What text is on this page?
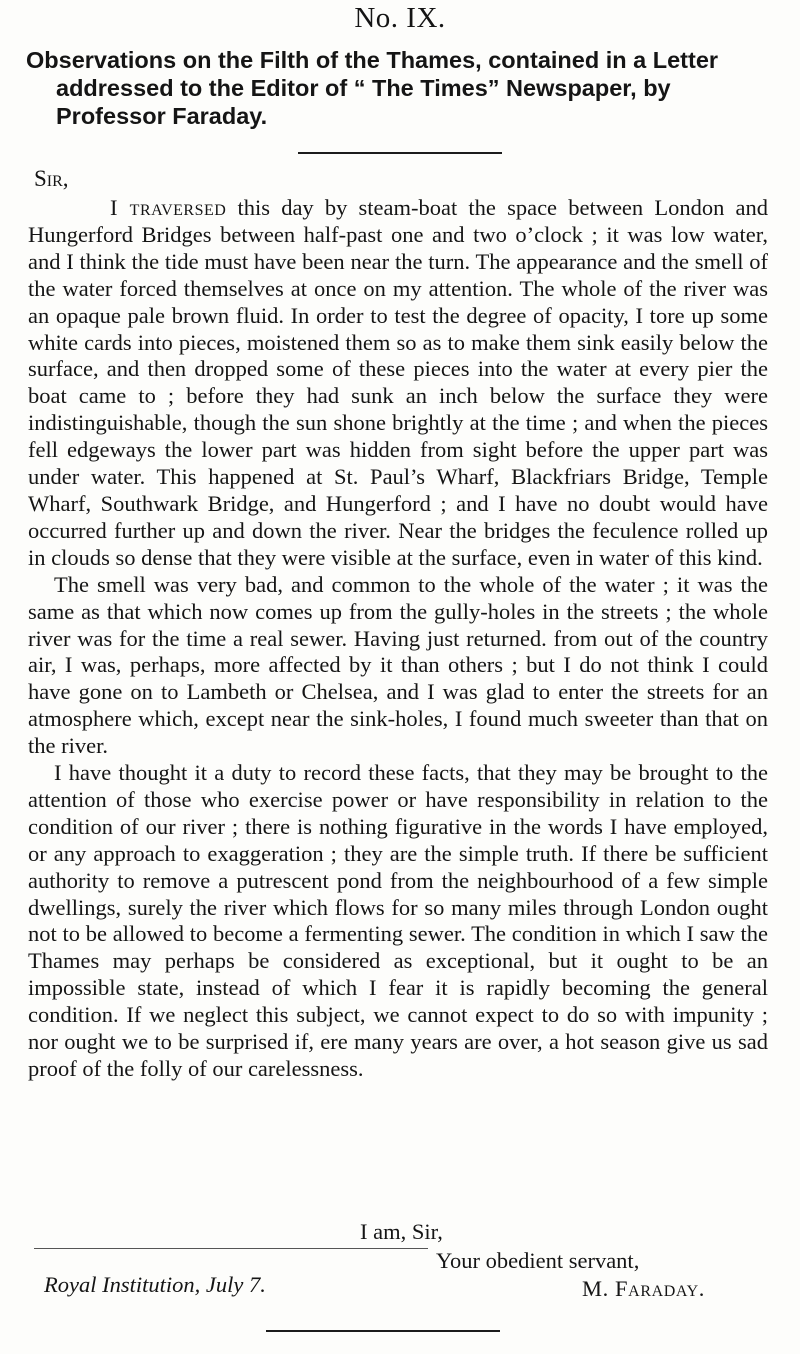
No. IX.
Observations on the Filth of the Thames, contained in a Letter
addressed to the Editor of “ The Times” Newspaper, by
Professor Faraday.
Sir,

I traversed this day by steam-boat the space between London and Hungerford Bridges between half-past one and two o’clock ; it was low water, and I think the tide must have been near the turn. The appearance and the smell of the water forced themselves at once on my attention. The whole of the river was an opaque pale brown fluid. In order to test the degree of opacity, I tore up some white cards into pieces, moistened them so as to make them sink easily below the surface, and then dropped some of these pieces into the water at every pier the boat came to ; before they had sunk an inch below the surface they were indistinguishable, though the sun shone brightly at the time ; and when the pieces fell edgeways the lower part was hidden from sight before the upper part was under water. This happened at St. Paul’s Wharf, Blackfriars Bridge, Temple Wharf, Southwark Bridge, and Hungerford ; and I have no doubt would have occurred further up and down the river. Near the bridges the feculence rolled up in clouds so dense that they were visible at the surface, even in water of this kind.

The smell was very bad, and common to the whole of the water ; it was the same as that which now comes up from the gully-holes in the streets ; the whole river was for the time a real sewer. Having just returned. from out of the country air, I was, perhaps, more affected by it than others ; but I do not think I could have gone on to Lambeth or Chelsea, and I was glad to enter the streets for an atmosphere which, except near the sink-holes, I found much sweeter than that on the river.

I have thought it a duty to record these facts, that they may be brought to the attention of those who exercise power or have responsibility in relation to the condition of our river ; there is nothing figurative in the words I have employed, or any approach to exaggeration ; they are the simple truth. If there be sufficient authority to remove a putrescent pond from the neighbourhood of a few simple dwellings, surely the river which flows for so many miles through London ought not to be allowed to become a fermenting sewer. The condition in which I saw the Thames may perhaps be considered as exceptional, but it ought to be an impossible state, instead of which I fear it is rapidly becoming the general condition. If we neglect this subject, we cannot expect to do so with impunity ; nor ought we to be surprised if, ere many years are over, a hot season give us sad proof of the folly of our carelessness.

I am, Sir,
Your obedient servant,
Royal Institution, July 7.	M. Faraday.
